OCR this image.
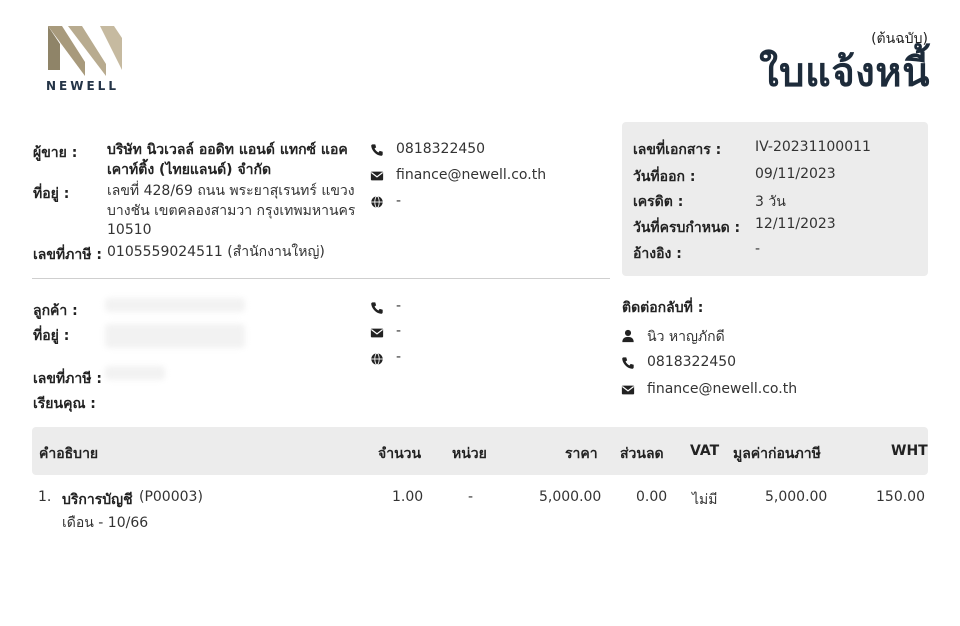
NEWELL
(ต้นฉบับ)
ใบแจ้งหนี้
ผู้ขาย : บริษัท นิวเวลล์ ออดิท แอนด์ แทกซ์ แอค
เคาท์ติ้ง (ไทยแลนด์) จำกัด
ที่อยู่ :	เลขที่ 428/69 ถนน พระยาสุเรนทร์ แขวง
บางชัน เขตคลองสามวา กรุงเทพมหานคร
10510
เลขที่ภาษี : 0105559024511 (สำนักงานใหญ่)
0818322450
finance@newell.co.th
-
เลขที่เอกสาร : IV-20231100011
วันที่ออก :	09/11/2023
เครดิต :	3 วัน
วันที่ครบกำหนด : 12/11/2023
อ้างอิง :	-
ลูกค้า :
ที่อยู่ :
เลขที่ภาษี :
เรียนคุณ :
-
-
-
ติดต่อกลับที่ :
นิว หาญภักดี
0818322450
finance@newell.co.th
คำอธิบาย	จำนวน หน่วย	ราคา ส่วนลด VAT มูลค่าก่อนภาษี	WHT
1. บริการบัญชี (P00003)
เดือน - 10/66
1.00	-	5,000.00 0.00 ไม่มี	5,000.00	150.00
